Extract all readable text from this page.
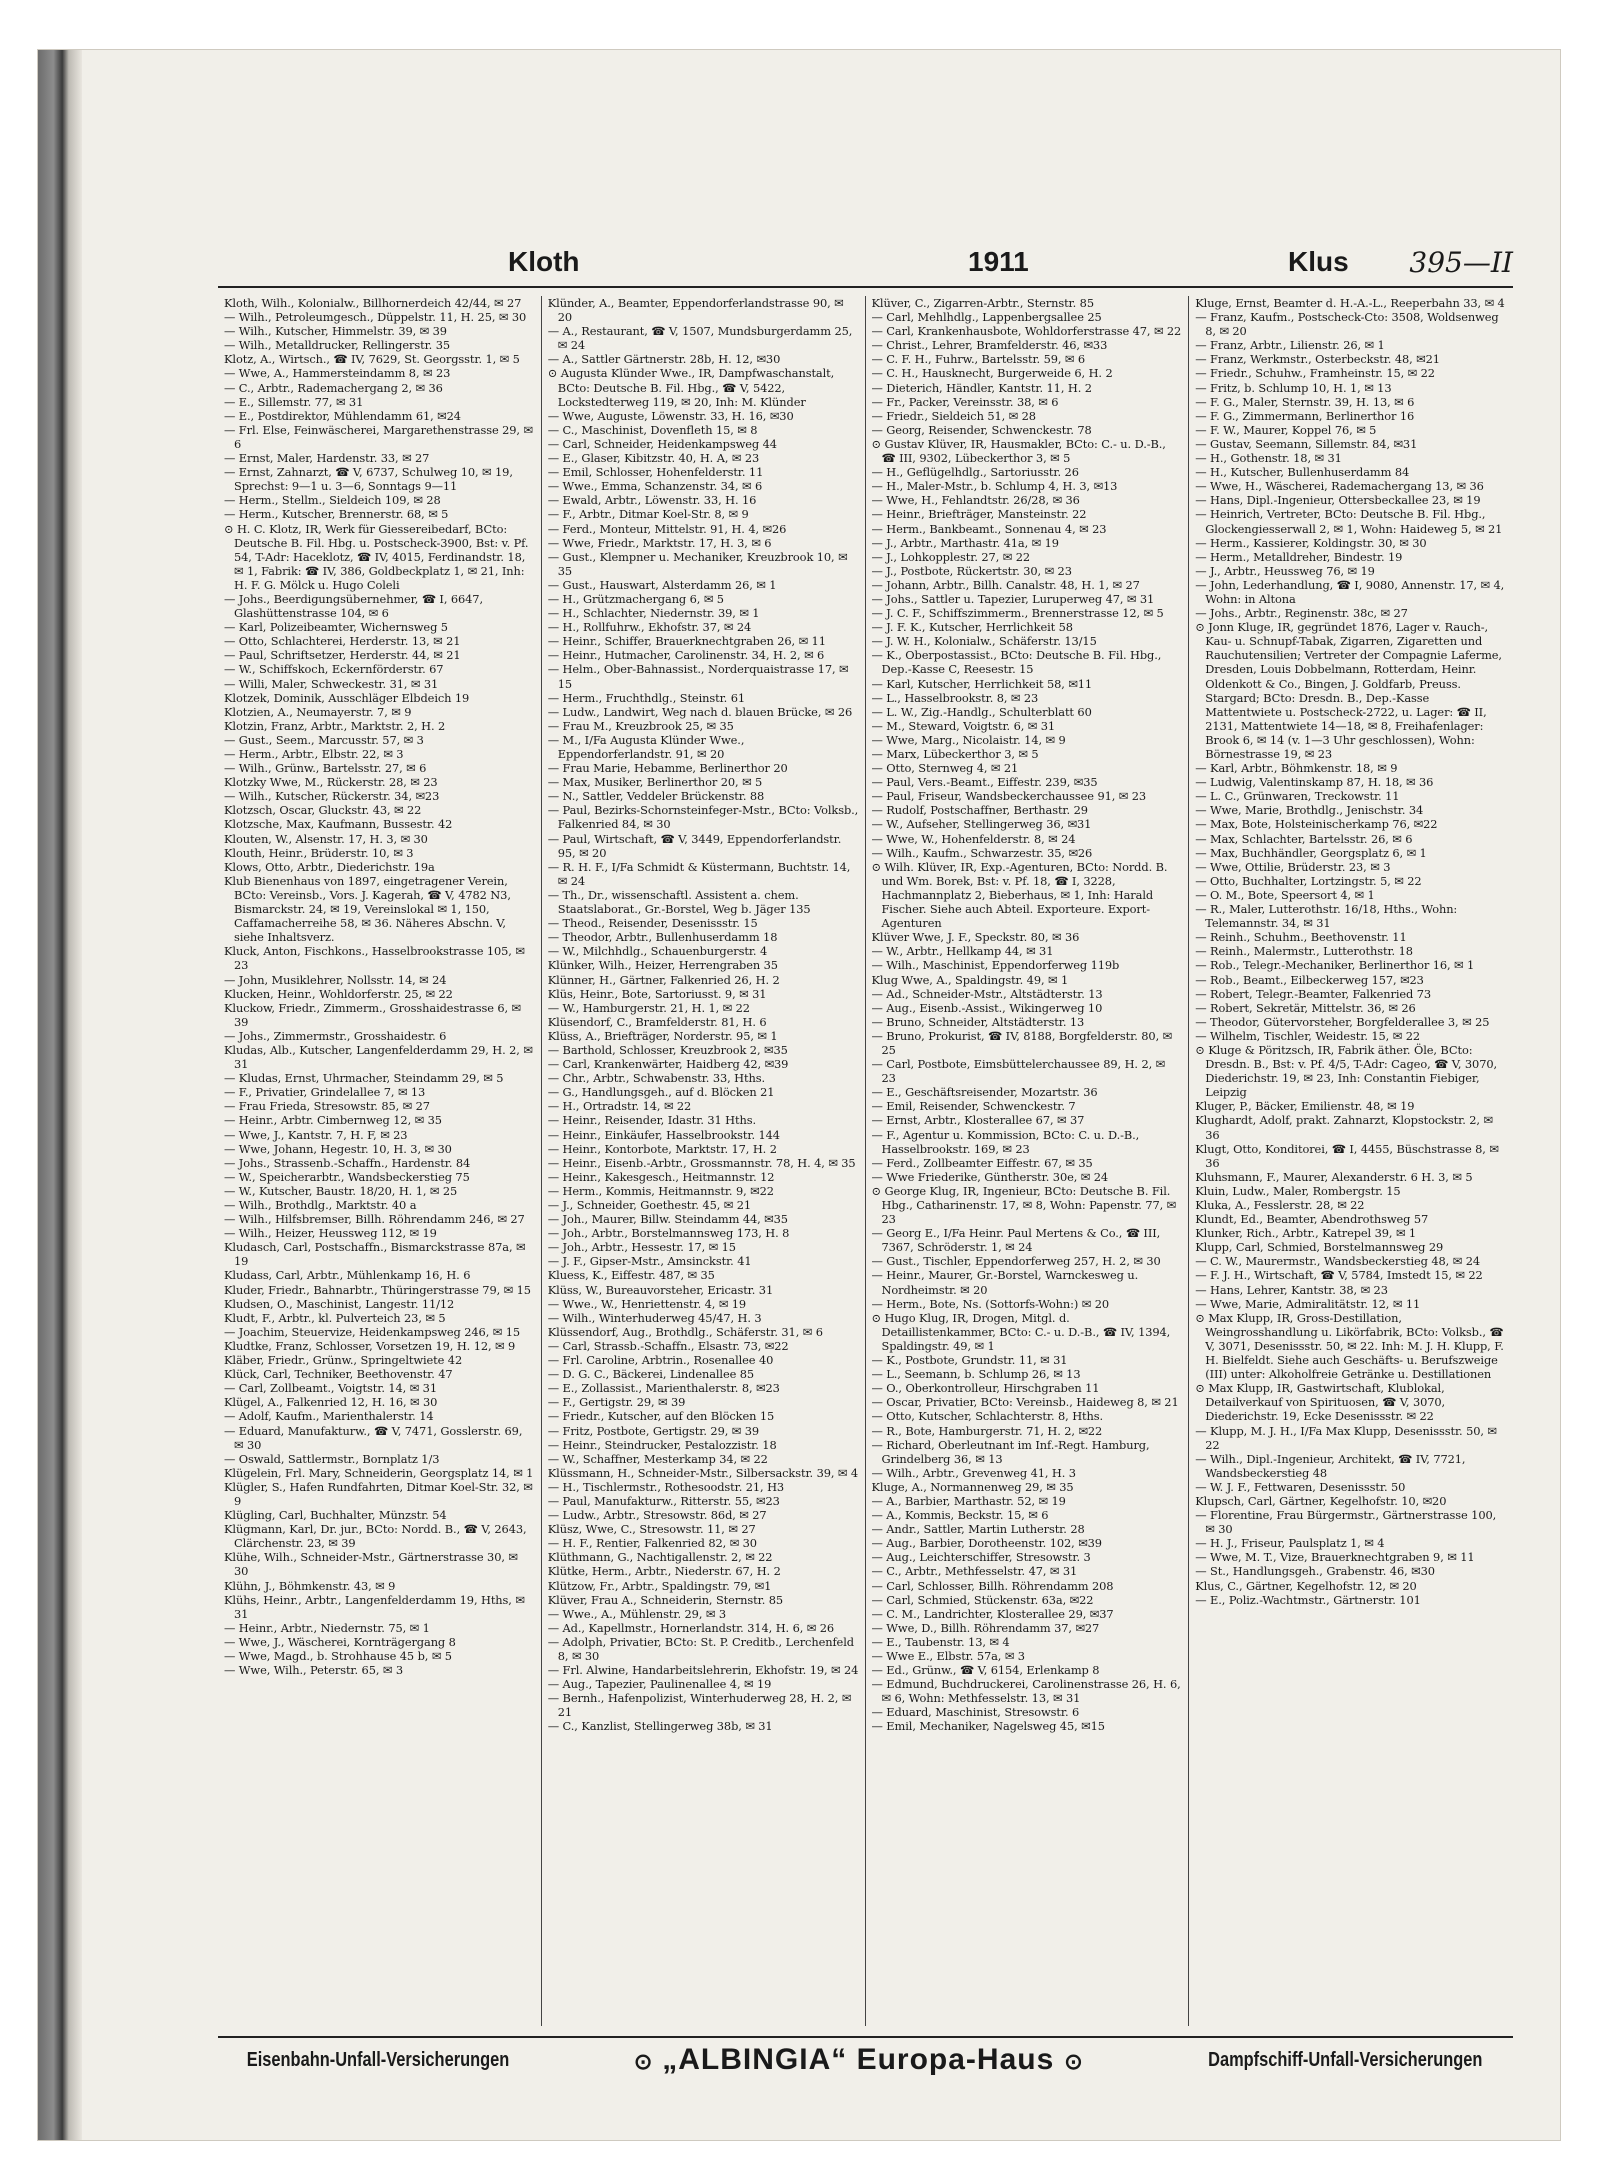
Kloth	1911	Klus 395—II

Kloth, Wilh., Kolonialw., Billhornerdeich 42/44, ✉ 27

— Wilh., Petroleumgesch., Düppelstr. 11, H. 25, ✉ 30

— Wilh., Kutscher, Himmelstr. 39, ✉ 39

— Wilh., Metalldrucker, Rellingerstr. 35

Klotz, A., Wirtsch., ☎ IV, 7629, St. Georgsstr. 1, ✉ 5

— Wwe, A., Hammersteindamm 8, ✉ 23

— C., Arbtr., Rademachergang 2, ✉ 36

— E., Sillemstr. 77, ✉ 31

— E., Postdirektor, Mühlendamm 61, ✉24

— Frl. Else, Feinwäscherei, Margarethenstrasse 29, ✉ 6

— Ernst, Maler, Hardenstr. 33, ✉ 27

— Ernst, Zahnarzt, ☎ V, 6737, Schulweg 10, ✉ 19, Sprechst: 9—1 u. 3—6, Sonntags 9—11

— Herm., Stellm., Sieldeich 109, ✉ 28

— Herm., Kutscher, Brennerstr. 68, ✉ 5

⊙ H. C. Klotz, IR, Werk für Giessereibedarf, BCto: Deutsche B. Fil. Hbg. u. Postscheck-3900, Bst: v. Pf. 54, T-Adr: Haceklotz, ☎ IV, 4015, Ferdinandstr. 18, ✉ 1, Fabrik: ☎ IV, 386, Goldbeckplatz 1, ✉ 21, Inh: H. F. G. Mölck u. Hugo Coleli

— Johs., Beerdigungsübernehmer, ☎ I, 6647, Glashüttenstrasse 104, ✉ 6

— Karl, Polizeibeamter, Wichernsweg 5

— Otto, Schlachterei, Herderstr. 13, ✉ 21

— Paul, Schriftsetzer, Herderstr. 44, ✉ 21

— W., Schiffskoch, Eckernförderstr. 67

— Willi, Maler, Schweckestr. 31, ✉ 31

Klotzek, Dominik, Ausschläger Elbdeich 19

Klotzien, A., Neumayerstr. 7, ✉ 9

Klotzin, Franz, Arbtr., Marktstr. 2, H. 2

— Gust., Seem., Marcusstr. 57, ✉ 3

— Herm., Arbtr., Elbstr. 22, ✉ 3

— Wilh., Grünw., Bartelsstr. 27, ✉ 6

Klotzky Wwe, M., Rückerstr. 28, ✉ 23

— Wilh., Kutscher, Rückerstr. 34, ✉23

Klotzsch, Oscar, Gluckstr. 43, ✉ 22

Klotzsche, Max, Kaufmann, Bussestr. 42

Klouten, W., Alsenstr. 17, H. 3, ✉ 30

Klouth, Heinr., Brüderstr. 10, ✉ 3

Klows, Otto, Arbtr., Diederichstr. 19a

Klub Bienenhaus von 1897, eingetragener Verein, BCto: Vereinsb., Vors. J. Kagerah, ☎ V, 4782 N3, Bismarckstr. 24, ✉ 19, Vereinslokal ✉ 1, 150, Caffamacherreihe 58, ✉ 36. Näheres Abschn. V, siehe Inhaltsverz.

Kluck, Anton, Fischkons., Hasselbrookstrasse 105, ✉ 23

— John, Musiklehrer, Nollsstr. 14, ✉ 24

Klucken, Heinr., Wohldorferstr. 25, ✉ 22

Kluckow, Friedr., Zimmerm., Grosshaidestrasse 6, ✉ 39

— Johs., Zimmermstr., Grosshaidestr. 6

Kludas, Alb., Kutscher, Langenfelderdamm 29, H. 2, ✉ 31

— Kludas, Ernst, Uhrmacher, Steindamm 29, ✉ 5

— F., Privatier, Grindelallee 7, ✉ 13

— Frau Frieda, Stresowstr. 85, ✉ 27

— Heinr., Arbtr. Cimbernweg 12, ✉ 35

— Wwe, J., Kantstr. 7, H. F, ✉ 23

— Wwe, Johann, Hegestr. 10, H. 3, ✉ 30

— Johs., Strassenb.-Schaffn., Hardenstr. 84

— W., Speicherarbtr., Wandsbeckerstieg 75

— W., Kutscher, Baustr. 18/20, H. 1, ✉ 25

— Wilh., Brothdlg., Marktstr. 40 a

— Wilh., Hilfsbremser, Billh. Röhrendamm 246, ✉ 27

— Wilh., Heizer, Heussweg 112, ✉ 19

Kludasch, Carl, Postschaffn., Bismarckstrasse 87a, ✉ 19

Kludass, Carl, Arbtr., Mühlenkamp 16, H. 6

Kluder, Friedr., Bahnarbtr., Thüringerstrasse 79, ✉ 15

Kludsen, O., Maschinist, Langestr. 11/12

Kludt, F., Arbtr., kl. Pulverteich 23, ✉ 5

— Joachim, Steuervize, Heidenkampsweg 246, ✉ 15

Kludtke, Franz, Schlosser, Vorsetzen 19, H. 12, ✉ 9

Kläber, Friedr., Grünw., Springeltwiete 42

Klück, Carl, Techniker, Beethovenstr. 47

— Carl, Zollbeamt., Voigtstr. 14, ✉ 31

Klügel, A., Falkenried 12, H. 16, ✉ 30

— Adolf, Kaufm., Marienthalerstr. 14

— Eduard, Manufakturw., ☎ V, 7471, Gosslerstr. 69, ✉ 30

— Oswald, Sattlermstr., Bornplatz 1/3

Klügelein, Frl. Mary, Schneiderin, Georgsplatz 14, ✉ 1

Klügler, S., Hafen Rundfahrten, Ditmar Koel-Str. 32, ✉ 9

Klügling, Carl, Buchhalter, Münzstr. 54

Klügmann, Karl, Dr. jur., BCto: Nordd. B., ☎ V, 2643, Clärchenstr. 23, ✉ 39

Klühe, Wilh., Schneider-Mstr., Gärtnerstrasse 30, ✉ 30

Klühn, J., Böhmkenstr. 43, ✉ 9

Klühs, Heinr., Arbtr., Langenfelderdamm 19, Hths, ✉ 31

— Heinr., Arbtr., Niedernstr. 75, ✉ 1

— Wwe, J., Wäscherei, Kornträgergang 8

— Wwe, Magd., b. Strohhause 45 b, ✉ 5

— Wwe, Wilh., Peterstr. 65, ✉ 3

Klünder, A., Beamter, Eppendorferlandstrasse 90, ✉ 20

— A., Restaurant, ☎ V, 1507, Mundsburgerdamm 25, ✉ 24

— A., Sattler Gärtnerstr. 28b, H. 12, ✉30

⊙ Augusta Klünder Wwe., IR, Dampfwaschanstalt, BCto: Deutsche B. Fil. Hbg., ☎ V, 5422, Lockstedterweg 119, ✉ 20, Inh: M. Klünder

— Wwe, Auguste, Löwenstr. 33, H. 16, ✉30

— C., Maschinist, Dovenfleth 15, ✉ 8

— Carl, Schneider, Heidenkampsweg 44

— E., Glaser, Kibitzstr. 40, H. A, ✉ 23

— Emil, Schlosser, Hohenfelderstr. 11

— Wwe., Emma, Schanzenstr. 34, ✉ 6

— Ewald, Arbtr., Löwenstr. 33, H. 16

— F., Arbtr., Ditmar Koel-Str. 8, ✉ 9

— Ferd., Monteur, Mittelstr. 91, H. 4, ✉26

— Wwe, Friedr., Marktstr. 17, H. 3, ✉ 6

— Gust., Klempner u. Mechaniker, Kreuzbrook 10, ✉ 35

— Gust., Hauswart, Alsterdamm 26, ✉ 1

— H., Grützmachergang 6, ✉ 5

— H., Schlachter, Niedernstr. 39, ✉ 1

— H., Rollfuhrw., Ekhofstr. 37, ✉ 24

— Heinr., Schiffer, Brauerknechtgraben 26, ✉ 11

— Heinr., Hutmacher, Carolinenstr. 34, H. 2, ✉ 6

— Helm., Ober-Bahnassist., Norderquaistrasse 17, ✉ 15

— Herm., Fruchthdlg., Steinstr. 61

— Ludw., Landwirt, Weg nach d. blauen Brücke, ✉ 26

— Frau M., Kreuzbrook 25, ✉ 35

— M., I/Fa Augusta Klünder Wwe., Eppendorferlandstr. 91, ✉ 20

— Frau Marie, Hebamme, Berlinerthor 20

— Max, Musiker, Berlinerthor 20, ✉ 5

— N., Sattler, Veddeler Brückenstr. 88

— Paul, Bezirks-Schornsteinfeger-Mstr., BCto: Volksb., Falkenried 84, ✉ 30

— Paul, Wirtschaft, ☎ V, 3449, Eppendorferlandstr. 95, ✉ 20

— R. H. F., I/Fa Schmidt & Küstermann, Buchtstr. 14, ✉ 24

— Th., Dr., wissenschaftl. Assistent a. chem. Staatslaborat., Gr.-Borstel, Weg b. Jäger 135

— Theod., Reisender, Desenissstr. 15

— Theodor, Arbtr., Bullenhuserdamm 18

— W., Milchhdlg., Schauenburgerstr. 4

Klünker, Wilh., Heizer, Herrengraben 35

Klünner, H., Gärtner, Falkenried 26, H. 2

Klüs, Heinr., Bote, Sartoriusst. 9, ✉ 31

— W., Hamburgerstr. 21, H. 1, ✉ 22

Klüsendorf, C., Bramfelderstr. 81, H. 6

Klüss, A., Briefträger, Norderstr. 95, ✉ 1

— Barthold, Schlosser, Kreuzbrook 2, ✉35

— Carl, Krankenwärter, Haidberg 42, ✉39

— Chr., Arbtr., Schwabenstr. 33, Hths.

— G., Handlungsgeh., auf d. Blöcken 21

— H., Ortradstr. 14, ✉ 22

— Heinr., Reisender, Idastr. 31 Hths.

— Heinr., Einkäufer, Hasselbrookstr. 144

— Heinr., Kontorbote, Marktstr. 17, H. 2

— Heinr., Eisenb.-Arbtr., Grossmannstr. 78, H. 4, ✉ 35

— Heinr., Kakesgesch., Heitmannstr. 12

— Herm., Kommis, Heitmannstr. 9, ✉22

— J., Schneider, Goethestr. 45, ✉ 21

— Joh., Maurer, Billw. Steindamm 44, ✉35

— Joh., Arbtr., Borstelmannsweg 173, H. 8

— Joh., Arbtr., Hessestr. 17, ✉ 15

— J. F., Gipser-Mstr., Amsinckstr. 41

Kluess, K., Eiffestr. 487, ✉ 35

Klüss, W., Bureauvorsteher, Ericastr. 31

— Wwe., W., Henriettenstr. 4, ✉ 19

— Wilh., Winterhuderweg 45/47, H. 3

Klüssendorf, Aug., Brothdlg., Schäferstr. 31, ✉ 6

— Carl, Strassb.-Schaffn., Elsastr. 73, ✉22

— Frl. Caroline, Arbtrin., Rosenallee 40

— D. G. C., Bäckerei, Lindenallee 85

— E., Zollassist., Marienthalerstr. 8, ✉23

— F., Gertigstr. 29, ✉ 39

— Friedr., Kutscher, auf den Blöcken 15

— Fritz, Postbote, Gertigstr. 29, ✉ 39

— Heinr., Steindrucker, Pestalozzistr. 18

— W., Schaffner, Mesterkamp 34, ✉ 22

Klüssmann, H., Schneider-Mstr., Silbersackstr. 39, ✉ 4

— H., Tischlermstr., Rothesoodstr. 21, H3

— Paul, Manufakturw., Ritterstr. 55, ✉23

— Ludw., Arbtr., Stresowstr. 86d, ✉ 27

Klüsz, Wwe, C., Stresowstr. 11, ✉ 27

— H. F., Rentier, Falkenried 82, ✉ 30

Klüthmann, G., Nachtigallenstr. 2, ✉ 22

Klütke, Herm., Arbtr., Niederstr. 67, H. 2

Klützow, Fr., Arbtr., Spaldingstr. 79, ✉1

Klüver, Frau A., Schneiderin, Sternstr. 85

— Wwe., A., Mühlenstr. 29, ✉ 3

— Ad., Kapellmstr., Hornerlandstr. 314, H. 6, ✉ 26

— Adolph, Privatier, BCto: St. P. Creditb., Lerchenfeld 8, ✉ 30

— Frl. Alwine, Handarbeitslehrerin, Ekhofstr. 19, ✉ 24

— Aug., Tapezier, Paulinenallee 4, ✉ 19

— Bernh., Hafenpolizist, Winterhuderweg 28, H. 2, ✉ 21

— C., Kanzlist, Stellingerweg 38b, ✉ 31

Klüver, C., Zigarren-Arbtr., Sternstr. 85

— Carl, Mehlhdlg., Lappenbergsallee 25

— Carl, Krankenhausbote, Wohldorferstrasse 47, ✉ 22

— Christ., Lehrer, Bramfelderstr. 46, ✉33

— C. F. H., Fuhrw., Bartelsstr. 59, ✉ 6

— C. H., Hausknecht, Burgerweide 6, H. 2

— Dieterich, Händler, Kantstr. 11, H. 2

— Fr., Packer, Vereinsstr. 38, ✉ 6

— Friedr., Sieldeich 51, ✉ 28

— Georg, Reisender, Schwenckestr. 78

⊙ Gustav Klüver, IR, Hausmakler, BCto: C.- u. D.-B., ☎ III, 9302, Lübeckerthor 3, ✉ 5

— H., Geflügelhdlg., Sartoriusstr. 26

— H., Maler-Mstr., b. Schlump 4, H. 3, ✉13

— Wwe, H., Fehlandtstr. 26/28, ✉ 36

— Heinr., Briefträger, Mansteinstr. 22

— Herm., Bankbeamt., Sonnenau 4, ✉ 23

— J., Arbtr., Marthastr. 41a, ✉ 19

— J., Lohkopplestr. 27, ✉ 22

— J., Postbote, Rückertstr. 30, ✉ 23

— Johann, Arbtr., Billh. Canalstr. 48, H. 1, ✉ 27

— Johs., Sattler u. Tapezier, Luruperweg 47, ✉ 31

— J. C. F., Schiffszimmerm., Brennerstrasse 12, ✉ 5

— J. F. K., Kutscher, Herrlichkeit 58

— J. W. H., Kolonialw., Schäferstr. 13/15

— K., Oberpostassist., BCto: Deutsche B. Fil. Hbg., Dep.-Kasse C, Reesestr. 15

— Karl, Kutscher, Herrlichkeit 58, ✉11

— L., Hasselbrookstr. 8, ✉ 23

— L. W., Zig.-Handlg., Schulterblatt 60

— M., Steward, Voigtstr. 6, ✉ 31

— Wwe, Marg., Nicolaistr. 14, ✉ 9

— Marx, Lübeckerthor 3, ✉ 5

— Otto, Sternweg 4, ✉ 21

— Paul, Vers.-Beamt., Eiffestr. 239, ✉35

— Paul, Friseur, Wandsbeckerchaussee 91, ✉ 23

— Rudolf, Postschaffner, Berthastr. 29

— W., Aufseher, Stellingerweg 36, ✉31

— Wwe, W., Hohenfelderstr. 8, ✉ 24

— Wilh., Kaufm., Schwarzestr. 35, ✉26

⊙ Wilh. Klüver, IR, Exp.-Agenturen, BCto: Nordd. B. und Wm. Borek, Bst: v. Pf. 18, ☎ I, 3228, Hachmannplatz 2, Bieberhaus, ✉ 1, Inh: Harald Fischer. Siehe auch Abteil. Exporteure. Export-Agenturen

Klüver Wwe, J. F., Speckstr. 80, ✉ 36

— W., Arbtr., Hellkamp 44, ✉ 31

— Wilh., Maschinist, Eppendorferweg 119b

Klug Wwe, A., Spaldingstr. 49, ✉ 1

— Ad., Schneider-Mstr., Altstädterstr. 13

— Aug., Eisenb.-Assist., Wikingerweg 10

— Bruno, Schneider, Altstädterstr. 13

— Bruno, Prokurist, ☎ IV, 8188, Borgfelderstr. 80, ✉ 25

— Carl, Postbote, Eimsbüttelerchaussee 89, H. 2, ✉ 23

— E., Geschäftsreisender, Mozartstr. 36

— Emil, Reisender, Schwenckestr. 7

— Ernst, Arbtr., Klosterallee 67, ✉ 37

— F., Agentur u. Kommission, BCto: C. u. D.-B., Hasselbrookstr. 169, ✉ 23

— Ferd., Zollbeamter Eiffestr. 67, ✉ 35

— Wwe Friederike, Güntherstr. 30e, ✉ 24

⊙ George Klug, IR, Ingenieur, BCto: Deutsche B. Fil. Hbg., Catharinenstr. 17, ✉ 8, Wohn: Papenstr. 77, ✉ 23

— Georg E., I/Fa Heinr. Paul Mertens & Co., ☎ III, 7367, Schröderstr. 1, ✉ 24

— Gust., Tischler, Eppendorferweg 257, H. 2, ✉ 30

— Heinr., Maurer, Gr.-Borstel, Warnckesweg u. Nordheimstr. ✉ 20

— Herm., Bote, Ns. (Sottorfs-Wohn:) ✉ 20

⊙ Hugo Klug, IR, Drogen, Mitgl. d. Detaillistenkammer, BCto: C.- u. D.-B., ☎ IV, 1394, Spaldingstr. 49, ✉ 1

— K., Postbote, Grundstr. 11, ✉ 31

— L., Seemann, b. Schlump 26, ✉ 13

— O., Oberkontrolleur, Hirschgraben 11

— Oscar, Privatier, BCto: Vereinsb., Haideweg 8, ✉ 21

— Otto, Kutscher, Schlachterstr. 8, Hths.

— R., Bote, Hamburgerstr. 71, H. 2, ✉22

— Richard, Oberleutnant im Inf.-Regt. Hamburg, Grindelberg 36, ✉ 13

— Wilh., Arbtr., Grevenweg 41, H. 3

Kluge, A., Normannenweg 29, ✉ 35

— A., Barbier, Marthastr. 52, ✉ 19

— A., Kommis, Beckstr. 15, ✉ 6

— Andr., Sattler, Martin Lutherstr. 28

— Aug., Barbier, Dorotheenstr. 102, ✉39

— Aug., Leichterschiffer, Stresowstr. 3

— C., Arbtr., Methfesselstr. 47, ✉ 31

— Carl, Schlosser, Billh. Röhrendamm 208

— Carl, Schmied, Stückenstr. 63a, ✉22

— C. M., Landrichter, Klosterallee 29, ✉37

— Wwe, D., Billh. Röhrendamm 37, ✉27

— E., Taubenstr. 13, ✉ 4

— Wwe E., Elbstr. 57a, ✉ 3

— Ed., Grünw., ☎ V, 6154, Erlenkamp 8

— Edmund, Buchdruckerei, Carolinenstrasse 26, H. 6, ✉ 6, Wohn: Methfesselstr. 13, ✉ 31

— Eduard, Maschinist, Stresowstr. 6

— Emil, Mechaniker, Nagelsweg 45, ✉15

Kluge, Ernst, Beamter d. H.-A.-L., Reeperbahn 33, ✉ 4

— Franz, Kaufm., Postscheck-Cto: 3508, Woldsenweg 8, ✉ 20

— Franz, Arbtr., Lilienstr. 26, ✉ 1

— Franz, Werkmstr., Osterbeckstr. 48, ✉21

— Friedr., Schuhw., Framheinstr. 15, ✉ 22

— Fritz, b. Schlump 10, H. 1, ✉ 13

— F. G., Maler, Sternstr. 39, H. 13, ✉ 6

— F. G., Zimmermann, Berlinerthor 16

— F. W., Maurer, Koppel 76, ✉ 5

— Gustav, Seemann, Sillemstr. 84, ✉31

— H., Gothenstr. 18, ✉ 31

— H., Kutscher, Bullenhuserdamm 84

— Wwe, H., Wäscherei, Rademachergang 13, ✉ 36

— Hans, Dipl.-Ingenieur, Ottersbeckallee 23, ✉ 19

— Heinrich, Vertreter, BCto: Deutsche B. Fil. Hbg., Glockengiesserwall 2, ✉ 1, Wohn: Haideweg 5, ✉ 21

— Herm., Kassierer, Koldingstr. 30, ✉ 30

— Herm., Metalldreher, Bindestr. 19

— J., Arbtr., Heussweg 76, ✉ 19

— John, Lederhandlung, ☎ I, 9080, Annenstr. 17, ✉ 4, Wohn: in Altona

— Johs., Arbtr., Reginenstr. 38c, ✉ 27

⊙ Jonn Kluge, IR, gegründet 1876, Lager v. Rauch-, Kau- u. Schnupf-Tabak, Zigarren, Zigaretten und Rauchutensilien; Vertreter der Compagnie Laferme, Dresden, Louis Dobbelmann, Rotterdam, Heinr. Oldenkott & Co., Bingen, J. Goldfarb, Preuss. Stargard; BCto: Dresdn. B., Dep.-Kasse Mattentwiete u. Postscheck-2722, u. Lager: ☎ II, 2131, Mattentwiete 14—18, ✉ 8, Freihafenlager: Brook 6, ✉ 14 (v. 1—3 Uhr geschlossen), Wohn: Börnestrasse 19, ✉ 23

— Karl, Arbtr., Böhmkenstr. 18, ✉ 9

— Ludwig, Valentinskamp 87, H. 18, ✉ 36

— L. C., Grünwaren, Treckowstr. 11

— Wwe, Marie, Brothdlg., Jenischstr. 34

— Max, Bote, Holsteinischerkamp 76, ✉22

— Max, Schlachter, Bartelsstr. 26, ✉ 6

— Max, Buchhändler, Georgsplatz 6, ✉ 1

— Wwe, Ottilie, Brüderstr. 23, ✉ 3

— Otto, Buchhalter, Lortzingstr. 5, ✉ 22

— O. M., Bote, Speersort 4, ✉ 1

— R., Maler, Lutterothstr. 16/18, Hths., Wohn: Telemannstr. 34, ✉ 31

— Reinh., Schuhm., Beethovenstr. 11

— Reinh., Malermstr., Lutterothstr. 18

— Rob., Telegr.-Mechaniker, Berlinerthor 16, ✉ 1

— Rob., Beamt., Eilbeckerweg 157, ✉23

— Robert, Telegr.-Beamter, Falkenried 73

— Robert, Sekretär, Mittelstr. 36, ✉ 26

— Theodor, Gütervorsteher, Borgfelderallee 3, ✉ 25

— Wilhelm, Tischler, Weidestr. 15, ✉ 22

⊙ Kluge & Pöritzsch, IR, Fabrik äther. Öle, BCto: Dresdn. B., Bst: v. Pf. 4/5, T-Adr: Cageo, ☎ V, 3070, Diederichstr. 19, ✉ 23, Inh: Constantin Fiebiger, Leipzig

Kluger, P., Bäcker, Emilienstr. 48, ✉ 19

Klughardt, Adolf, prakt. Zahnarzt, Klopstockstr. 2, ✉ 36

Klugt, Otto, Konditorei, ☎ I, 4455, Büschstrasse 8, ✉ 36

Kluhsmann, F., Maurer, Alexanderstr. 6 H. 3, ✉ 5

Kluin, Ludw., Maler, Rombergstr. 15

Kluka, A., Fesslerstr. 28, ✉ 22

Klundt, Ed., Beamter, Abendrothsweg 57

Klunker, Rich., Arbtr., Katrepel 39, ✉ 1

Klupp, Carl, Schmied, Borstelmannsweg 29

— C. W., Maurermstr., Wandsbeckerstieg 48, ✉ 24

— F. J. H., Wirtschaft, ☎ V, 5784, Imstedt 15, ✉ 22

— Hans, Lehrer, Kantstr. 38, ✉ 23

— Wwe, Marie, Admiralitätstr. 12, ✉ 11

⊙ Max Klupp, IR, Gross-Destillation, Weingrosshandlung u. Likörfabrik, BCto: Volksb., ☎ V, 3071, Desenissstr. 50, ✉ 22. Inh: M. J. H. Klupp, F. H. Bielfeldt. Siehe auch Geschäfts- u. Berufszweige (III) unter: Alkoholfreie Getränke u. Destillationen

⊙ Max Klupp, IR, Gastwirtschaft, Klublokal, Detailverkauf von Spirituosen, ☎ V, 3070, Diederichstr. 19, Ecke Desenissstr. ✉ 22

— Klupp, M. J. H., I/Fa Max Klupp, Desenissstr. 50, ✉ 22

— Wilh., Dipl.-Ingenieur, Architekt, ☎ IV, 7721, Wandsbeckerstieg 48

— W. J. F., Fettwaren, Desenissstr. 50

Klupsch, Carl, Gärtner, Kegelhofstr. 10, ✉20

— Florentine, Frau Bürgermstr., Gärtnerstrasse 100, ✉ 30

— H. J., Friseur, Paulsplatz 1, ✉ 4

— Wwe, M. T., Vize, Brauerknechtgraben 9, ✉ 11

— St., Handlungsgeh., Grabenstr. 46, ✉30

Klus, C., Gärtner, Kegelhofstr. 12, ✉ 20

— E., Poliz.-Wachtmstr., Gärtnerstr. 101

Eisenbahn-Unfall-Versicherungen	⊙ „ALBINGIA“ Europa-Haus ⊙	Dampfschiff-Unfall-Versicherungen
